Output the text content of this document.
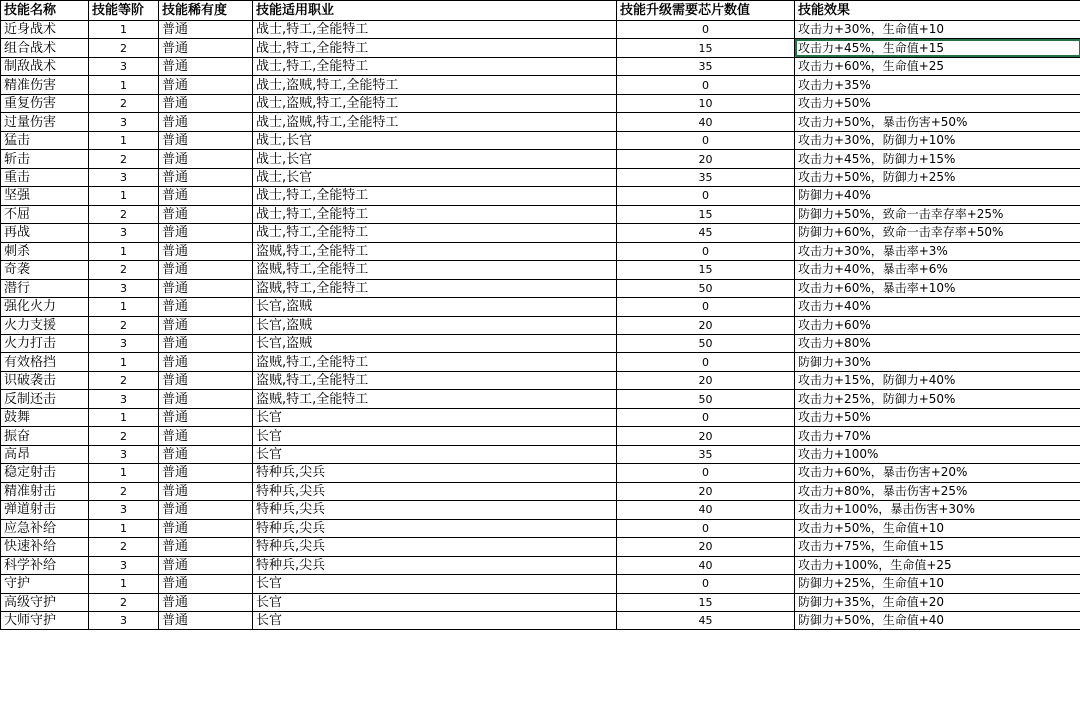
技能名称	技能等阶	技能稀有度	技能适用职业	技能升级需要芯片数值	技能效果
近身战术	1	普通	战士,特工,全能特工	0	攻击力+30%，生命值+10
组合战术	2	普通	战士,特工,全能特工	15	攻击力+45%，生命值+15
制敌战术	3	普通	战士,特工,全能特工	35	攻击力+60%，生命值+25
精准伤害	1	普通	战士,盗贼,特工,全能特工	0	攻击力+35%
重复伤害	2	普通	战士,盗贼,特工,全能特工	10	攻击力+50%
过量伤害	3	普通	战士,盗贼,特工,全能特工	40	攻击力+50%，暴击伤害+50%
猛击	1	普通	战士,长官	0	攻击力+30%，防御力+10%
斩击	2	普通	战士,长官	20	攻击力+45%，防御力+15%
重击	3	普通	战士,长官	35	攻击力+50%，防御力+25%
坚强	1	普通	战士,特工,全能特工	0	防御力+40%
不屈	2	普通	战士,特工,全能特工	15	防御力+50%，致命一击幸存率+25%
再战	3	普通	战士,特工,全能特工	45	防御力+60%，致命一击幸存率+50%
刺杀	1	普通	盗贼,特工,全能特工	0	攻击力+30%，暴击率+3%
奇袭	2	普通	盗贼,特工,全能特工	15	攻击力+40%，暴击率+6%
潜行	3	普通	盗贼,特工,全能特工	50	攻击力+60%，暴击率+10%
强化火力	1	普通	长官,盗贼	0	攻击力+40%
火力支援	2	普通	长官,盗贼	20	攻击力+60%
火力打击	3	普通	长官,盗贼	50	攻击力+80%
有效格挡	1	普通	盗贼,特工,全能特工	0	防御力+30%
识破袭击	2	普通	盗贼,特工,全能特工	20	攻击力+15%，防御力+40%
反制还击	3	普通	盗贼,特工,全能特工	50	攻击力+25%，防御力+50%
鼓舞	1	普通	长官	0	攻击力+50%
振奋	2	普通	长官	20	攻击力+70%
高昂	3	普通	长官	35	攻击力+100%
稳定射击	1	普通	特种兵,尖兵	0	攻击力+60%，暴击伤害+20%
精准射击	2	普通	特种兵,尖兵	20	攻击力+80%，暴击伤害+25%
弹道射击	3	普通	特种兵,尖兵	40	攻击力+100%，暴击伤害+30%
应急补给	1	普通	特种兵,尖兵	0	攻击力+50%，生命值+10
快速补给	2	普通	特种兵,尖兵	20	攻击力+75%，生命值+15
科学补给	3	普通	特种兵,尖兵	40	攻击力+100%，生命值+25
守护	1	普通	长官	0	防御力+25%，生命值+10
高级守护	2	普通	长官	15	防御力+35%，生命值+20
大师守护	3	普通	长官	45	防御力+50%，生命值+40
